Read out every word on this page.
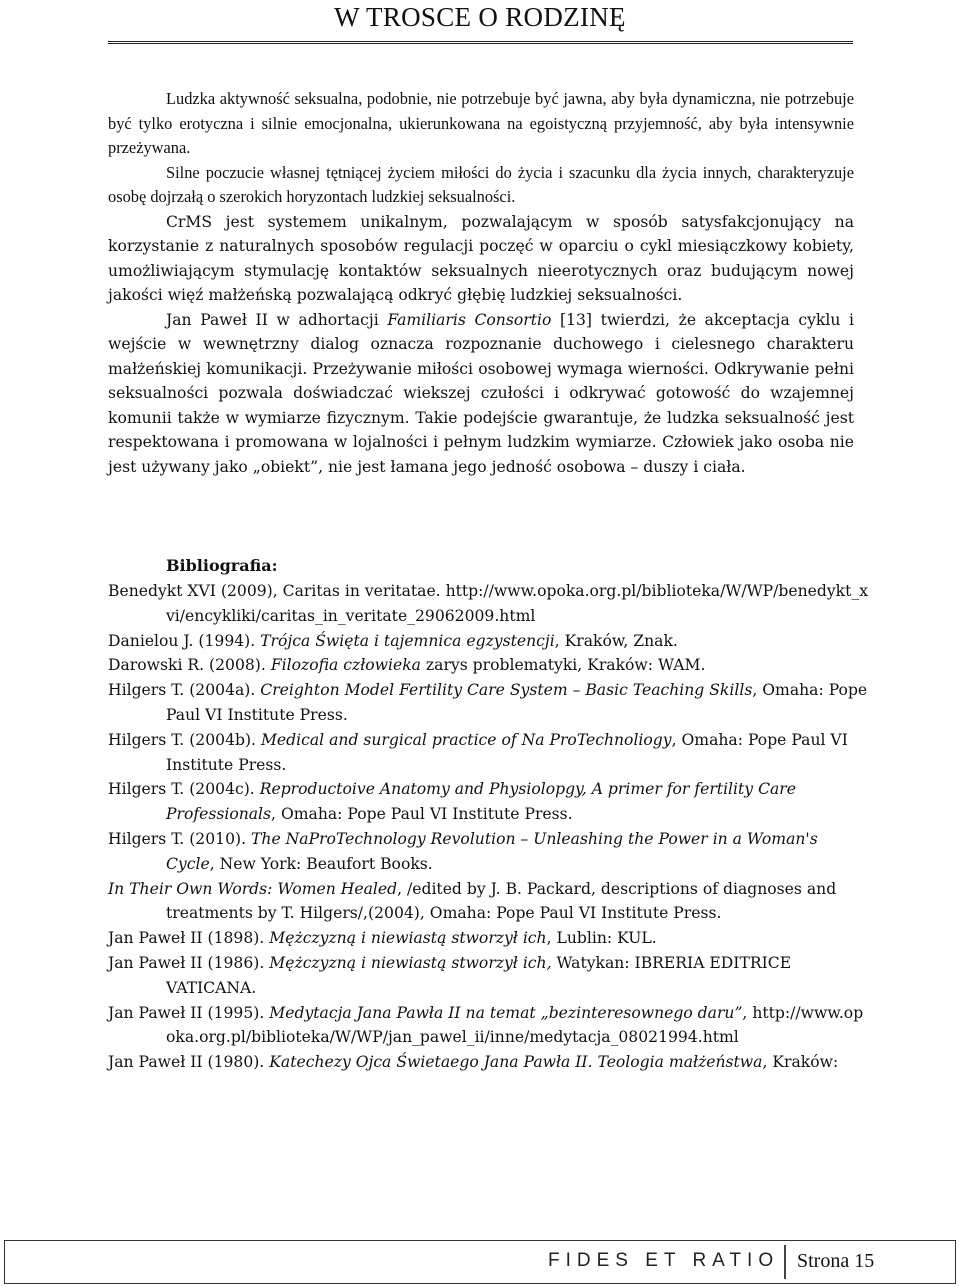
W TROSCE O RODZINĘ

Ludzka aktywność seksualna, podobnie, nie potrzebuje być jawna, aby była dynamiczna, nie potrzebuje być tylko erotyczna i silnie emocjonalna, ukierunkowana na egoistyczną przyjemność, aby była intensywnie przeżywana.

Silne poczucie własnej tętniącej życiem miłości do życia i szacunku dla życia innych, charakteryzuje osobę dojrzałą o szerokich horyzontach ludzkiej seksualności.

CrMS jest systemem unikalnym, pozwalającym w sposób satysfakcjonujący na korzystanie z naturalnych sposobów regulacji poczęć w oparciu o cykl miesiączkowy kobiety, umożliwiającym stymulację kontaktów seksualnych nieerotycznych oraz budującym nowej jakości więź małżeńską pozwalającą odkryć głębię ludzkiej seksualności.

Jan Paweł II w adhortacji Familiaris Consortio [13] twierdzi, że akceptacja cyklu i wejście w wewnętrzny dialog oznacza rozpoznanie duchowego i cielesnego charakteru małżeńskiej komunikacji. Przeżywanie miłości osobowej wymaga wierności. Odkrywanie pełni seksualności pozwala doświadczać wiekszej czułości i odkrywać gotowość do wzajemnej komunii także w wymiarze fizycznym. Takie podejście gwarantuje, że ludzka seksualność jest respektowana i promowana w lojalności i pełnym ludzkim wymiarze. Człowiek jako osoba nie jest używany jako „obiekt”, nie jest łamana jego jedność osobowa – duszy i ciała.

Bibliografia:
Benedykt XVI (2009), Caritas in veritatae. http://www.opoka.org.pl/biblioteka/W/WP/benedykt_xvi/encykliki/caritas_in_veritate_29062009.html
Danielou J. (1994). Trójca Święta i tajemnica egzystencji, Kraków, Znak.
Darowski R. (2008). Filozofia człowieka zarys problematyki, Kraków: WAM.
Hilgers T. (2004a). Creighton Model Fertility Care System – Basic Teaching Skills, Omaha: Pope Paul VI Institute Press.
Hilgers T. (2004b). Medical and surgical practice of Na ProTechnoliogy, Omaha: Pope Paul VI Institute Press.
Hilgers T. (2004c). Reproductoive Anatomy and Physiolopgy, A primer for fertility Care Professionals, Omaha: Pope Paul VI Institute Press.
Hilgers T. (2010). The NaProTechnology Revolution – Unleashing the Power in a Woman's Cycle, New York: Beaufort Books.
In Their Own Words: Women Healed, /edited by J. B. Packard, descriptions of diagnoses and treatments by T. Hilgers/,(2004), Omaha: Pope Paul VI Institute Press.
Jan Paweł II (1898). Mężczyzną i niewiastą stworzył ich, Lublin: KUL.
Jan Paweł II (1986). Mężczyzną i niewiastą stworzył ich, Watykan: IBRERIA EDITRICE VATICANA.
Jan Paweł II (1995). Medytacja Jana Pawła II na temat „bezinteresownego daru”, http://www.opoka.org.pl/biblioteka/W/WP/jan_pawel_ii/inne/medytacja_08021994.html
Jan Paweł II (1980). Katechezy Ojca Świetaego Jana Pawła II. Teologia małżeństwa, Kraków:
FIDES ET RATIO Strona 15
